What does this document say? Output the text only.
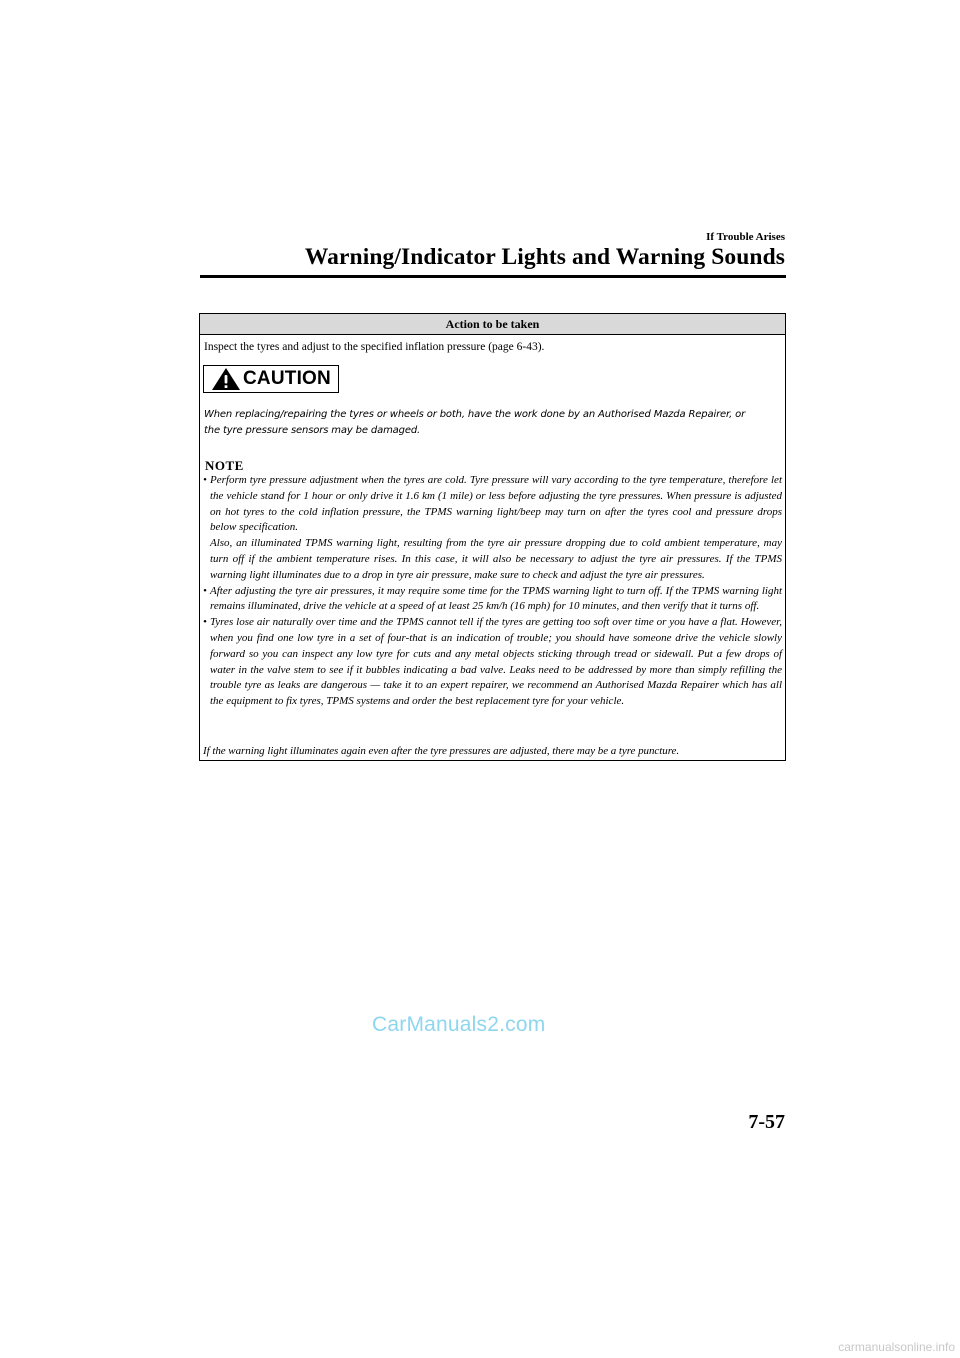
If Trouble Arises
Warning/Indicator Lights and Warning Sounds
Action to be taken
Inspect the tyres and adjust to the specified inflation pressure (page 6-43).
CAUTION
When replacing/repairing the tyres or wheels or both, have the work done by an Authorised Mazda Repairer, or
the tyre pressure sensors may be damaged.
NOTE
• Perform tyre pressure adjustment when the tyres are cold. Tyre pressure will vary according to the tyre temperature, therefore let the vehicle stand for 1 hour or only drive it 1.6 km (1 mile) or less before adjusting the tyre pressures. When pressure is adjusted on hot tyres to the cold inflation pressure, the TPMS warning light/beep may turn on after the tyres cool and pressure drops below specification.
Also, an illuminated TPMS warning light, resulting from the tyre air pressure dropping due to cold ambient temperature, may turn off if the ambient temperature rises. In this case, it will also be necessary to adjust the tyre air pressures. If the TPMS warning light illuminates due to a drop in tyre air pressure, make sure to check and adjust the tyre air pressures.
• After adjusting the tyre air pressures, it may require some time for the TPMS warning light to turn off. If the TPMS warning light remains illuminated, drive the vehicle at a speed of at least 25 km/h (16 mph) for 10 minutes, and then verify that it turns off.
• Tyres lose air naturally over time and the TPMS cannot tell if the tyres are getting too soft over time or you have a flat. However, when you find one low tyre in a set of four-that is an indication of trouble; you should have someone drive the vehicle slowly forward so you can inspect any low tyre for cuts and any metal objects sticking through tread or sidewall. Put a few drops of water in the valve stem to see if it bubbles indicating a bad valve. Leaks need to be addressed by more than simply refilling the trouble tyre as leaks are dangerous — take it to an expert repairer, we recommend an Authorised Mazda Repairer which has all the equipment to fix tyres, TPMS systems and order the best replacement tyre for your vehicle.
If the warning light illuminates again even after the tyre pressures are adjusted, there may be a tyre puncture.
CarManuals2.com
7-57
carmanualsonline.info
